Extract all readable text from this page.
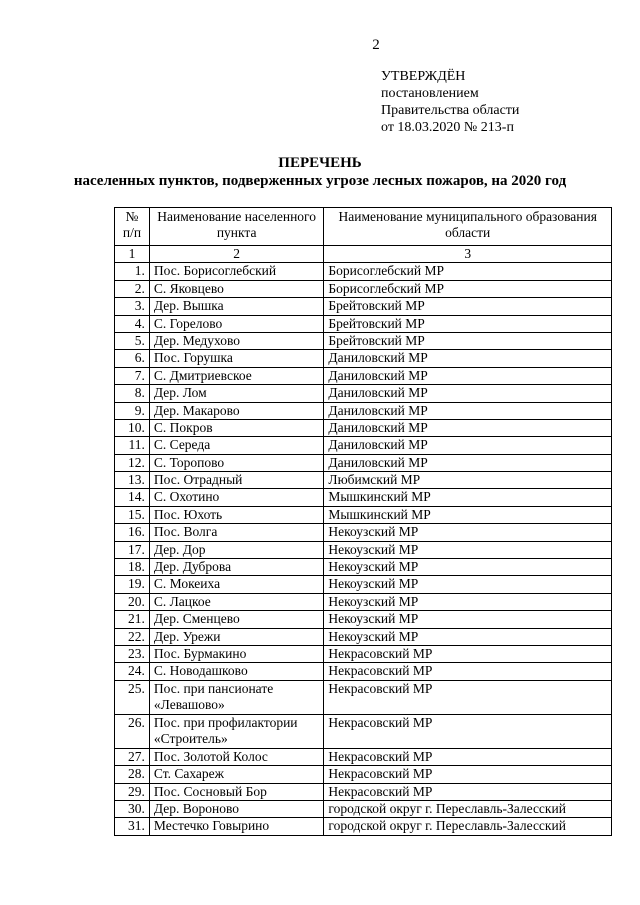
2
УТВЕРЖДЁН
постановлением
Правительства области
от 18.03.2020 № 213-п
ПЕРЕЧЕНЬ
населенных пунктов, подверженных угрозе лесных пожаров, на 2020 год
№ п/п	Наименование населенного пункта	Наименование муниципального образования области
1	2	3
1.	Пос. Борисоглебский	Борисоглебский МР
2.	С. Яковцево	Борисоглебский МР
3.	Дер. Вышка	Брейтовский МР
4.	С. Горелово	Брейтовский МР
5.	Дер. Медухово	Брейтовский МР
6.	Пос. Горушка	Даниловский МР
7.	С. Дмитриевское	Даниловский МР
8.	Дер. Лом	Даниловский МР
9.	Дер. Макарово	Даниловский МР
10.	С. Покров	Даниловский МР
11.	С. Середа	Даниловский МР
12.	С. Торопово	Даниловский МР
13.	Пос. Отрадный	Любимский МР
14.	С. Охотино	Мышкинский МР
15.	Пос. Юхоть	Мышкинский МР
16.	Пос. Волга	Некоузский МР
17.	Дер. Дор	Некоузский МР
18.	Дер. Дуброва	Некоузский МР
19.	С. Мокеиха	Некоузский МР
20.	С. Лацкое	Некоузский МР
21.	Дер. Сменцево	Некоузский МР
22.	Дер. Урежи	Некоузский МР
23.	Пос. Бурмакино	Некрасовский МР
24.	С. Новодашково	Некрасовский МР
25.	Пос. при пансионате «Левашово»	Некрасовский МР
26.	Пос. при профилактории «Строитель»	Некрасовский МР
27.	Пос. Золотой Колос	Некрасовский МР
28.	Ст. Сахареж	Некрасовский МР
29.	Пос. Сосновый Бор	Некрасовский МР
30.	Дер. Вороново	городской округ г. Переславль-Залесский
31.	Местечко Говырино	городской округ г. Переславль-Залесский
